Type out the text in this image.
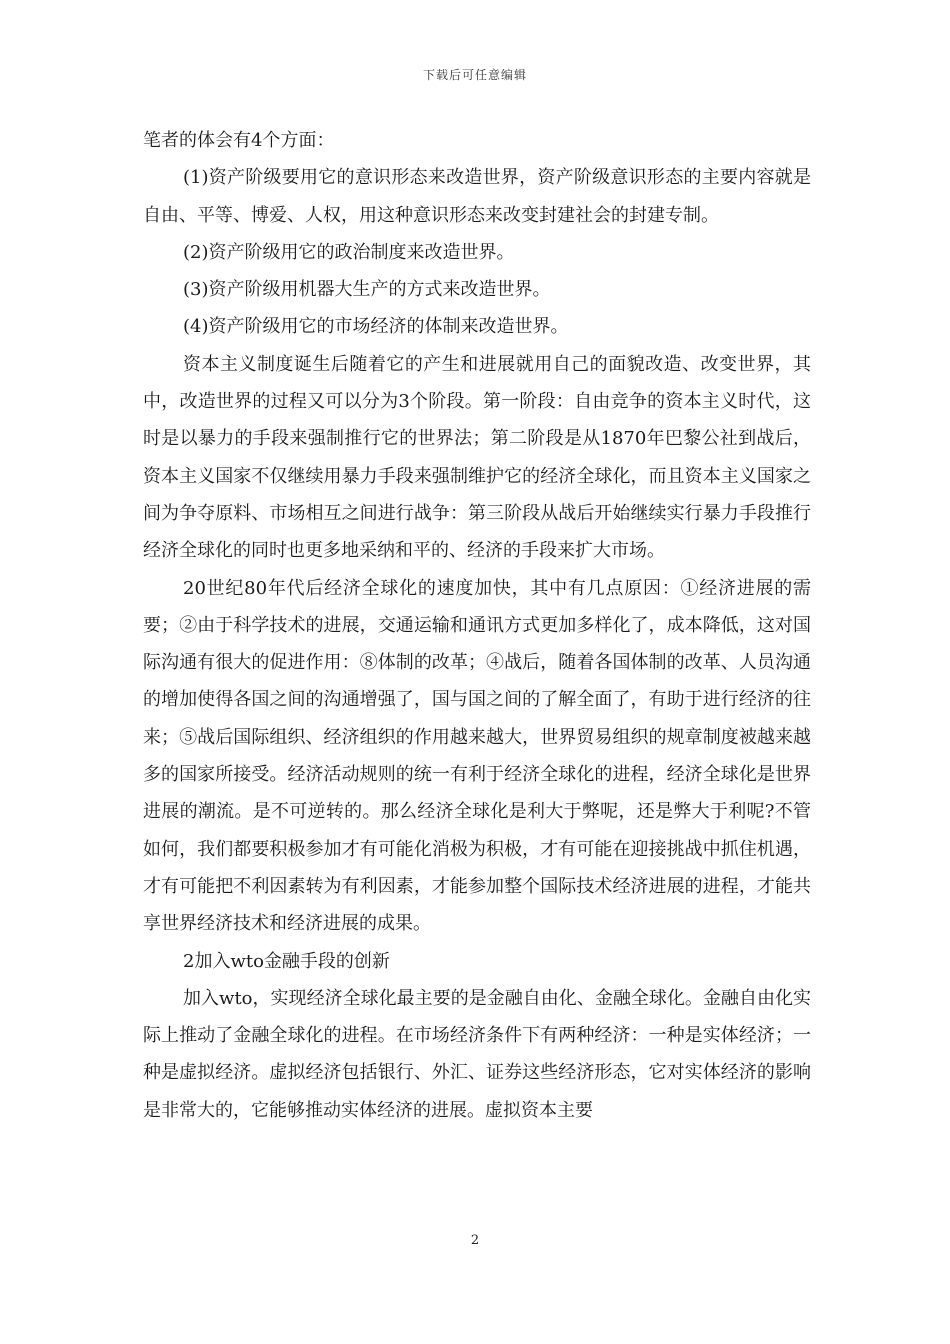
下载后可任意编辑

笔者的体会有4个方面：

(1)资产阶级要用它的意识形态来改造世界，资产阶级意识形态的主要内容就是自由、平等、博爱、人权，用这种意识形态来改变封建社会的封建专制。

(2)资产阶级用它的政治制度来改造世界。

(3)资产阶级用机器大生产的方式来改造世界。

(4)资产阶级用它的市场经济的体制来改造世界。

资本主义制度诞生后随着它的产生和进展就用自己的面貌改造、改变世界，其中，改造世界的过程又可以分为3个阶段。第一阶段：自由竞争的资本主义时代，这时是以暴力的手段来强制推行它的世界法；第二阶段是从1870年巴黎公社到战后，资本主义国家不仅继续用暴力手段来强制维护它的经济全球化，而且资本主义国家之间为争夺原料、市场相互之间进行战争：第三阶段从战后开始继续实行暴力手段推行经济全球化的同时也更多地采纳和平的、经济的手段来扩大市场。

20世纪80年代后经济全球化的速度加快，其中有几点原因：①经济进展的需要；②由于科学技术的进展，交通运输和通讯方式更加多样化了，成本降低，这对国际沟通有很大的促进作用：⑧体制的改革；④战后，随着各国体制的改革、人员沟通的增加使得各国之间的沟通增强了，国与国之间的了解全面了，有助于进行经济的往来；⑤战后国际组织、经济组织的作用越来越大，世界贸易组织的规章制度被越来越多的国家所接受。经济活动规则的统一有利于经济全球化的进程，经济全球化是世界进展的潮流。是不可逆转的。那么经济全球化是利大于弊呢，还是弊大于利呢?不管如何，我们都要积极参加才有可能化消极为积极，才有可能在迎接挑战中抓住机遇，才有可能把不利因素转为有利因素，才能参加整个国际技术经济进展的进程，才能共享世界经济技术和经济进展的成果。

2加入wto金融手段的创新

加入wto，实现经济全球化最主要的是金融自由化、金融全球化。金融自由化实际上推动了金融全球化的进程。在市场经济条件下有两种经济：一种是实体经济；一种是虚拟经济。虚拟经济包括银行、外汇、证券这些经济形态，它对实体经济的影响是非常大的，它能够推动实体经济的进展。虚拟资本主要

2
